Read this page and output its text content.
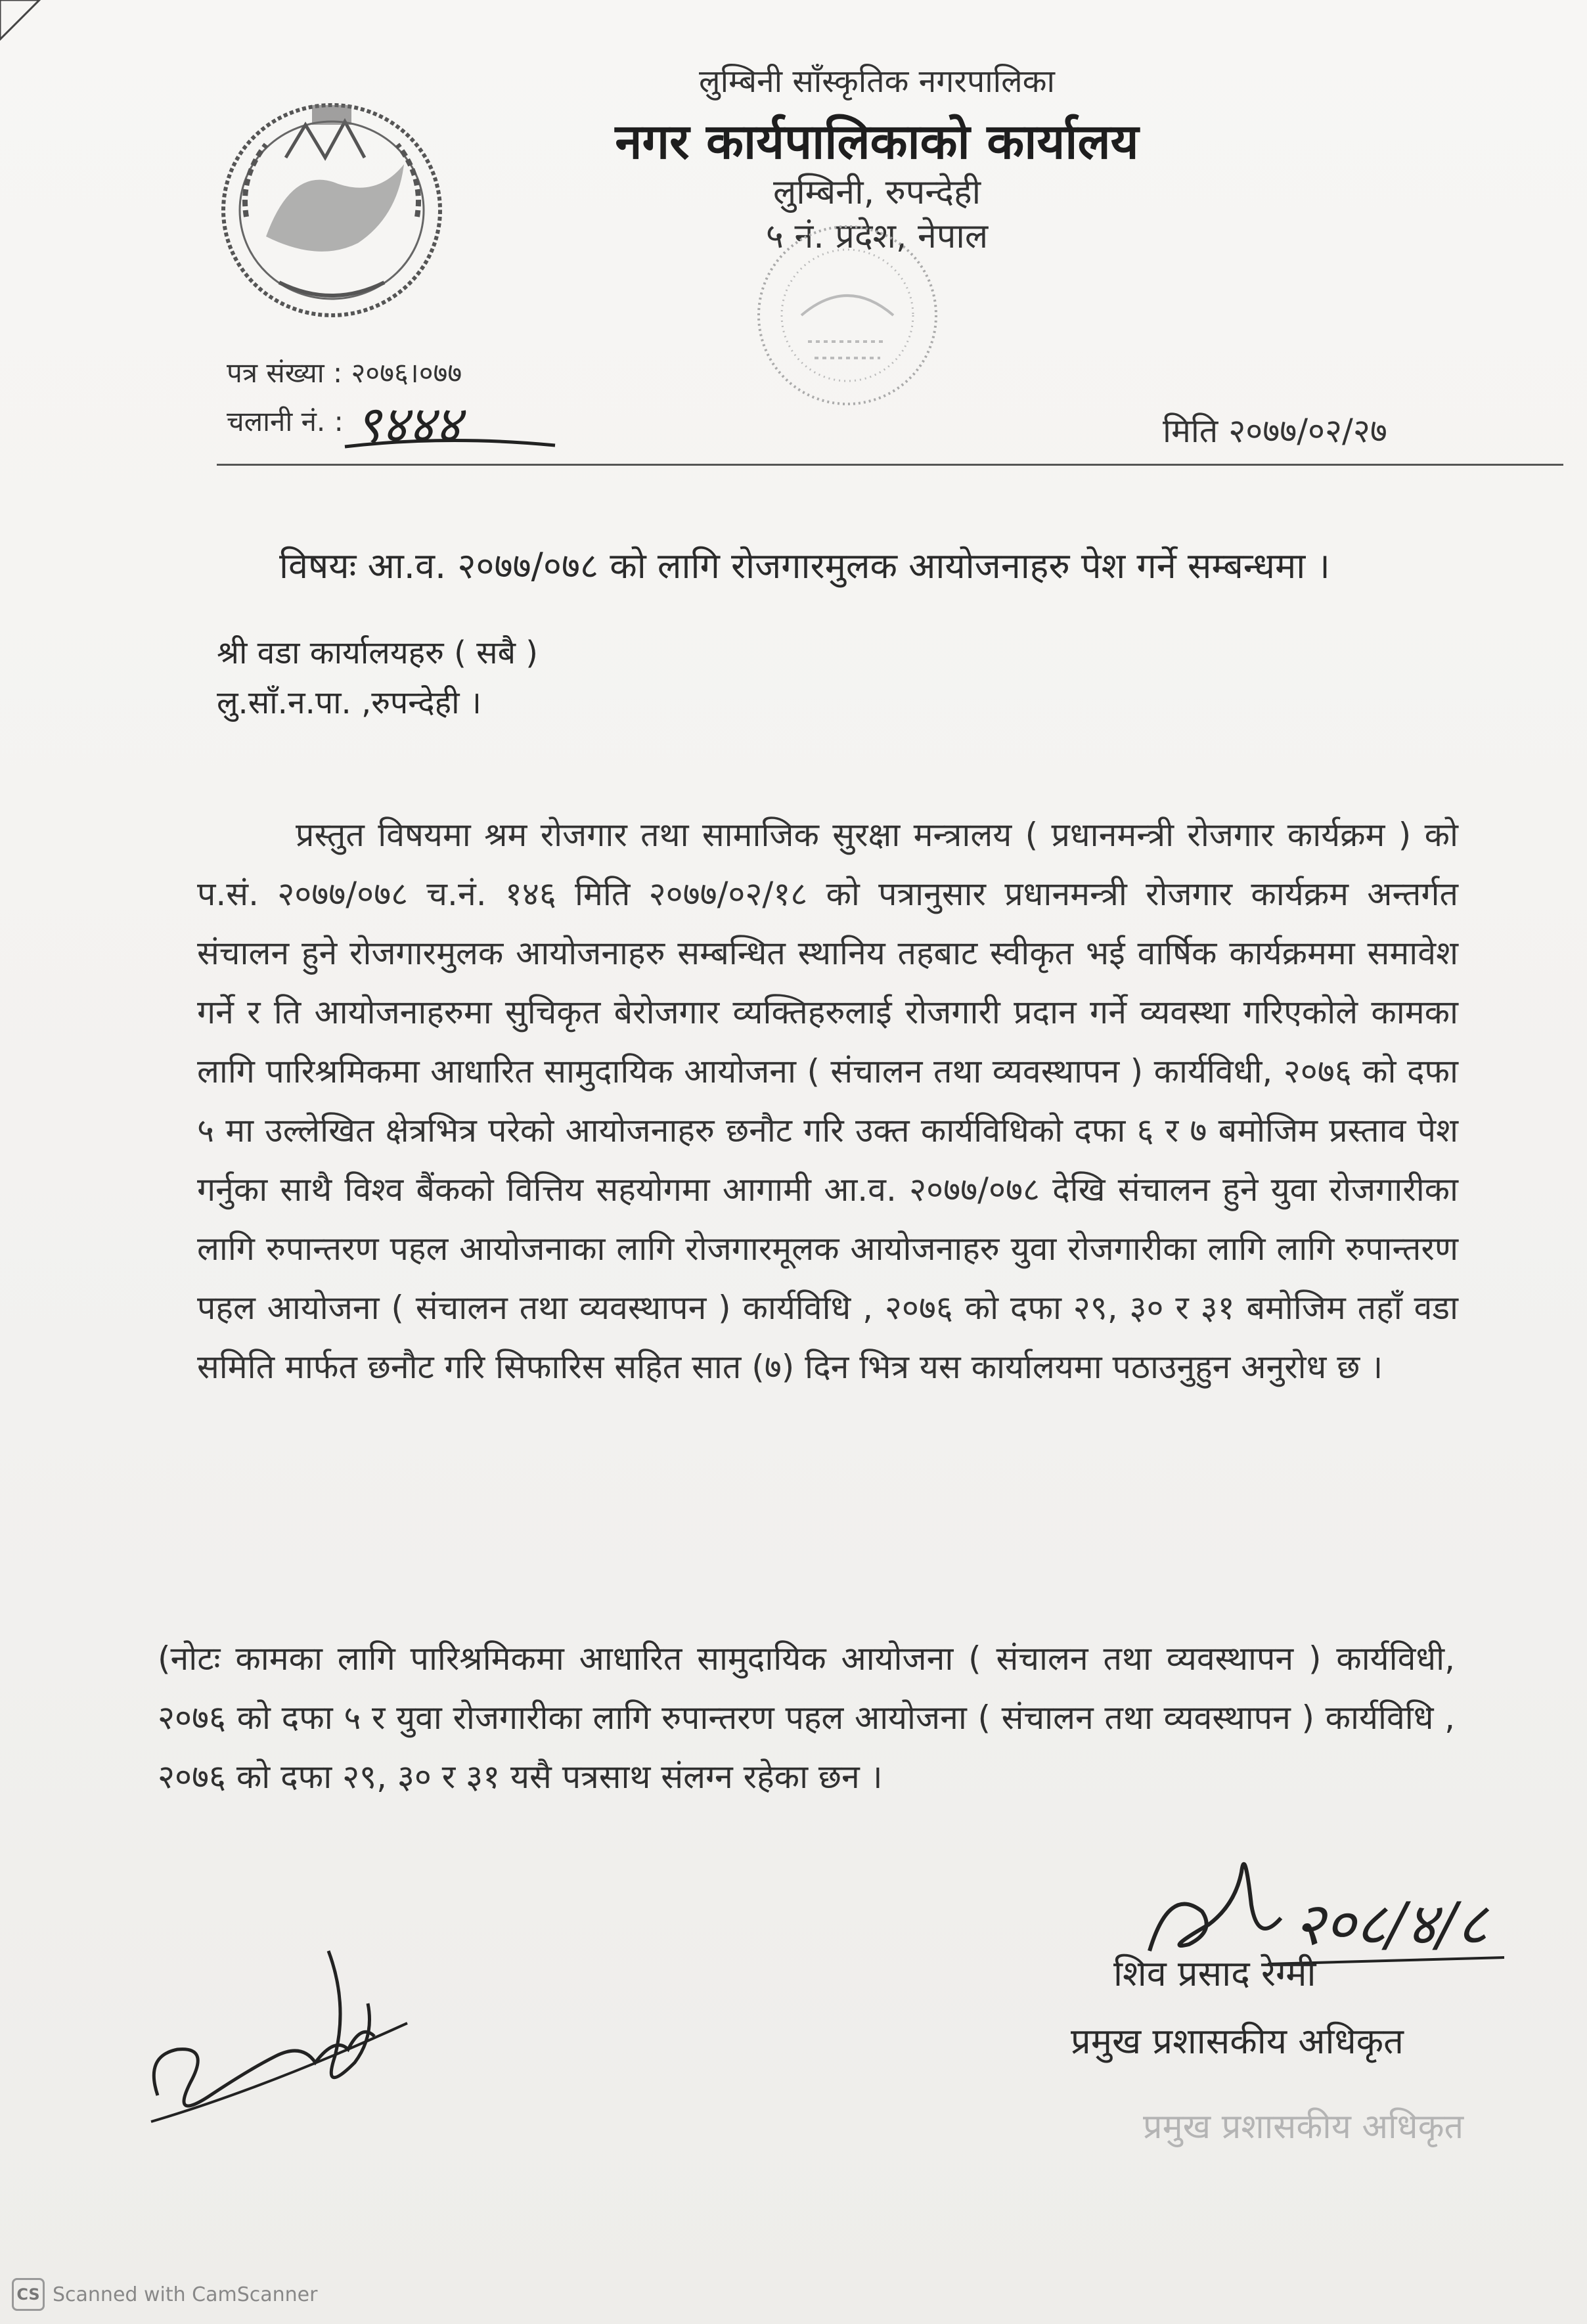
लुम्बिनी साँस्कृतिक नगरपालिका
नगर कार्यपालिकाको कार्यालय
लुम्बिनी, रुपन्देही
५ नं. प्रदेश, नेपाल
पत्र संख्या : २०७६।०७७
चलानी नं. : ९४४४	मिति २०७७/०२/२७
विषयः आ.व. २०७७/०७८ को लागि रोजगारमुलक आयोजनाहरु पेश गर्ने सम्बन्धमा ।
श्री वडा कार्यालयहरु ( सबै )
लु.साँ.न.पा. ,रुपन्देही ।
प्रस्तुत विषयमा श्रम रोजगार तथा सामाजिक सुरक्षा मन्त्रालय ( प्रधानमन्त्री रोजगार कार्यक्रम ) को प.सं. २०७७/०७८ च.नं. १४६ मिति २०७७/०२/१८ को पत्रानुसार प्रधानमन्त्री रोजगार कार्यक्रम अन्तर्गत संचालन हुने रोजगारमुलक आयोजनाहरु सम्बन्धित स्थानिय तहबाट स्वीकृत भई वार्षिक कार्यक्रममा समावेश गर्ने र ति आयोजनाहरुमा सुचिकृत बेरोजगार व्यक्तिहरुलाई रोजगारी प्रदान गर्ने व्यवस्था गरिएकोले कामका लागि पारिश्रमिकमा आधारित सामुदायिक आयोजना ( संचालन तथा व्यवस्थापन ) कार्यविधी, २०७६ को दफा ५ मा उल्लेखित क्षेत्रभित्र परेको आयोजनाहरु छनौट गरि उक्त कार्यविधिको दफा ६ र ७ बमोजिम प्रस्ताव पेश गर्नुका साथै विश्व बैंकको वित्तिय सहयोगमा आगामी आ.व. २०७७/०७८ देखि संचालन हुने युवा रोजगारीका लागि रुपान्तरण पहल आयोजनाका लागि रोजगारमूलक आयोजनाहरु युवा रोजगारीका लागि लागि रुपान्तरण पहल आयोजना ( संचालन तथा व्यवस्थापन ) कार्यविधि , २०७६ को दफा २९, ३० र ३१ बमोजिम तहाँ वडा समिति मार्फत छनौट गरि सिफारिस सहित सात (७) दिन भित्र यस कार्यालयमा पठाउनुहुन अनुरोध छ ।
(नोटः कामका लागि पारिश्रमिकमा आधारित सामुदायिक आयोजना ( संचालन तथा व्यवस्थापन ) कार्यविधी, २०७६ को दफा ५ र युवा रोजगारीका लागि रुपान्तरण पहल आयोजना ( संचालन तथा व्यवस्थापन ) कार्यविधि , २०७६ को दफा २९, ३० र ३१ यसै पत्रसाथ संलग्न रहेका छन ।
२०८/४/८
शिव प्रसाद रेग्मी
प्रमुख प्रशासकीय अधिकृत
प्रमुख प्रशासकीय अधिकृत
CS Scanned with CamScanner
